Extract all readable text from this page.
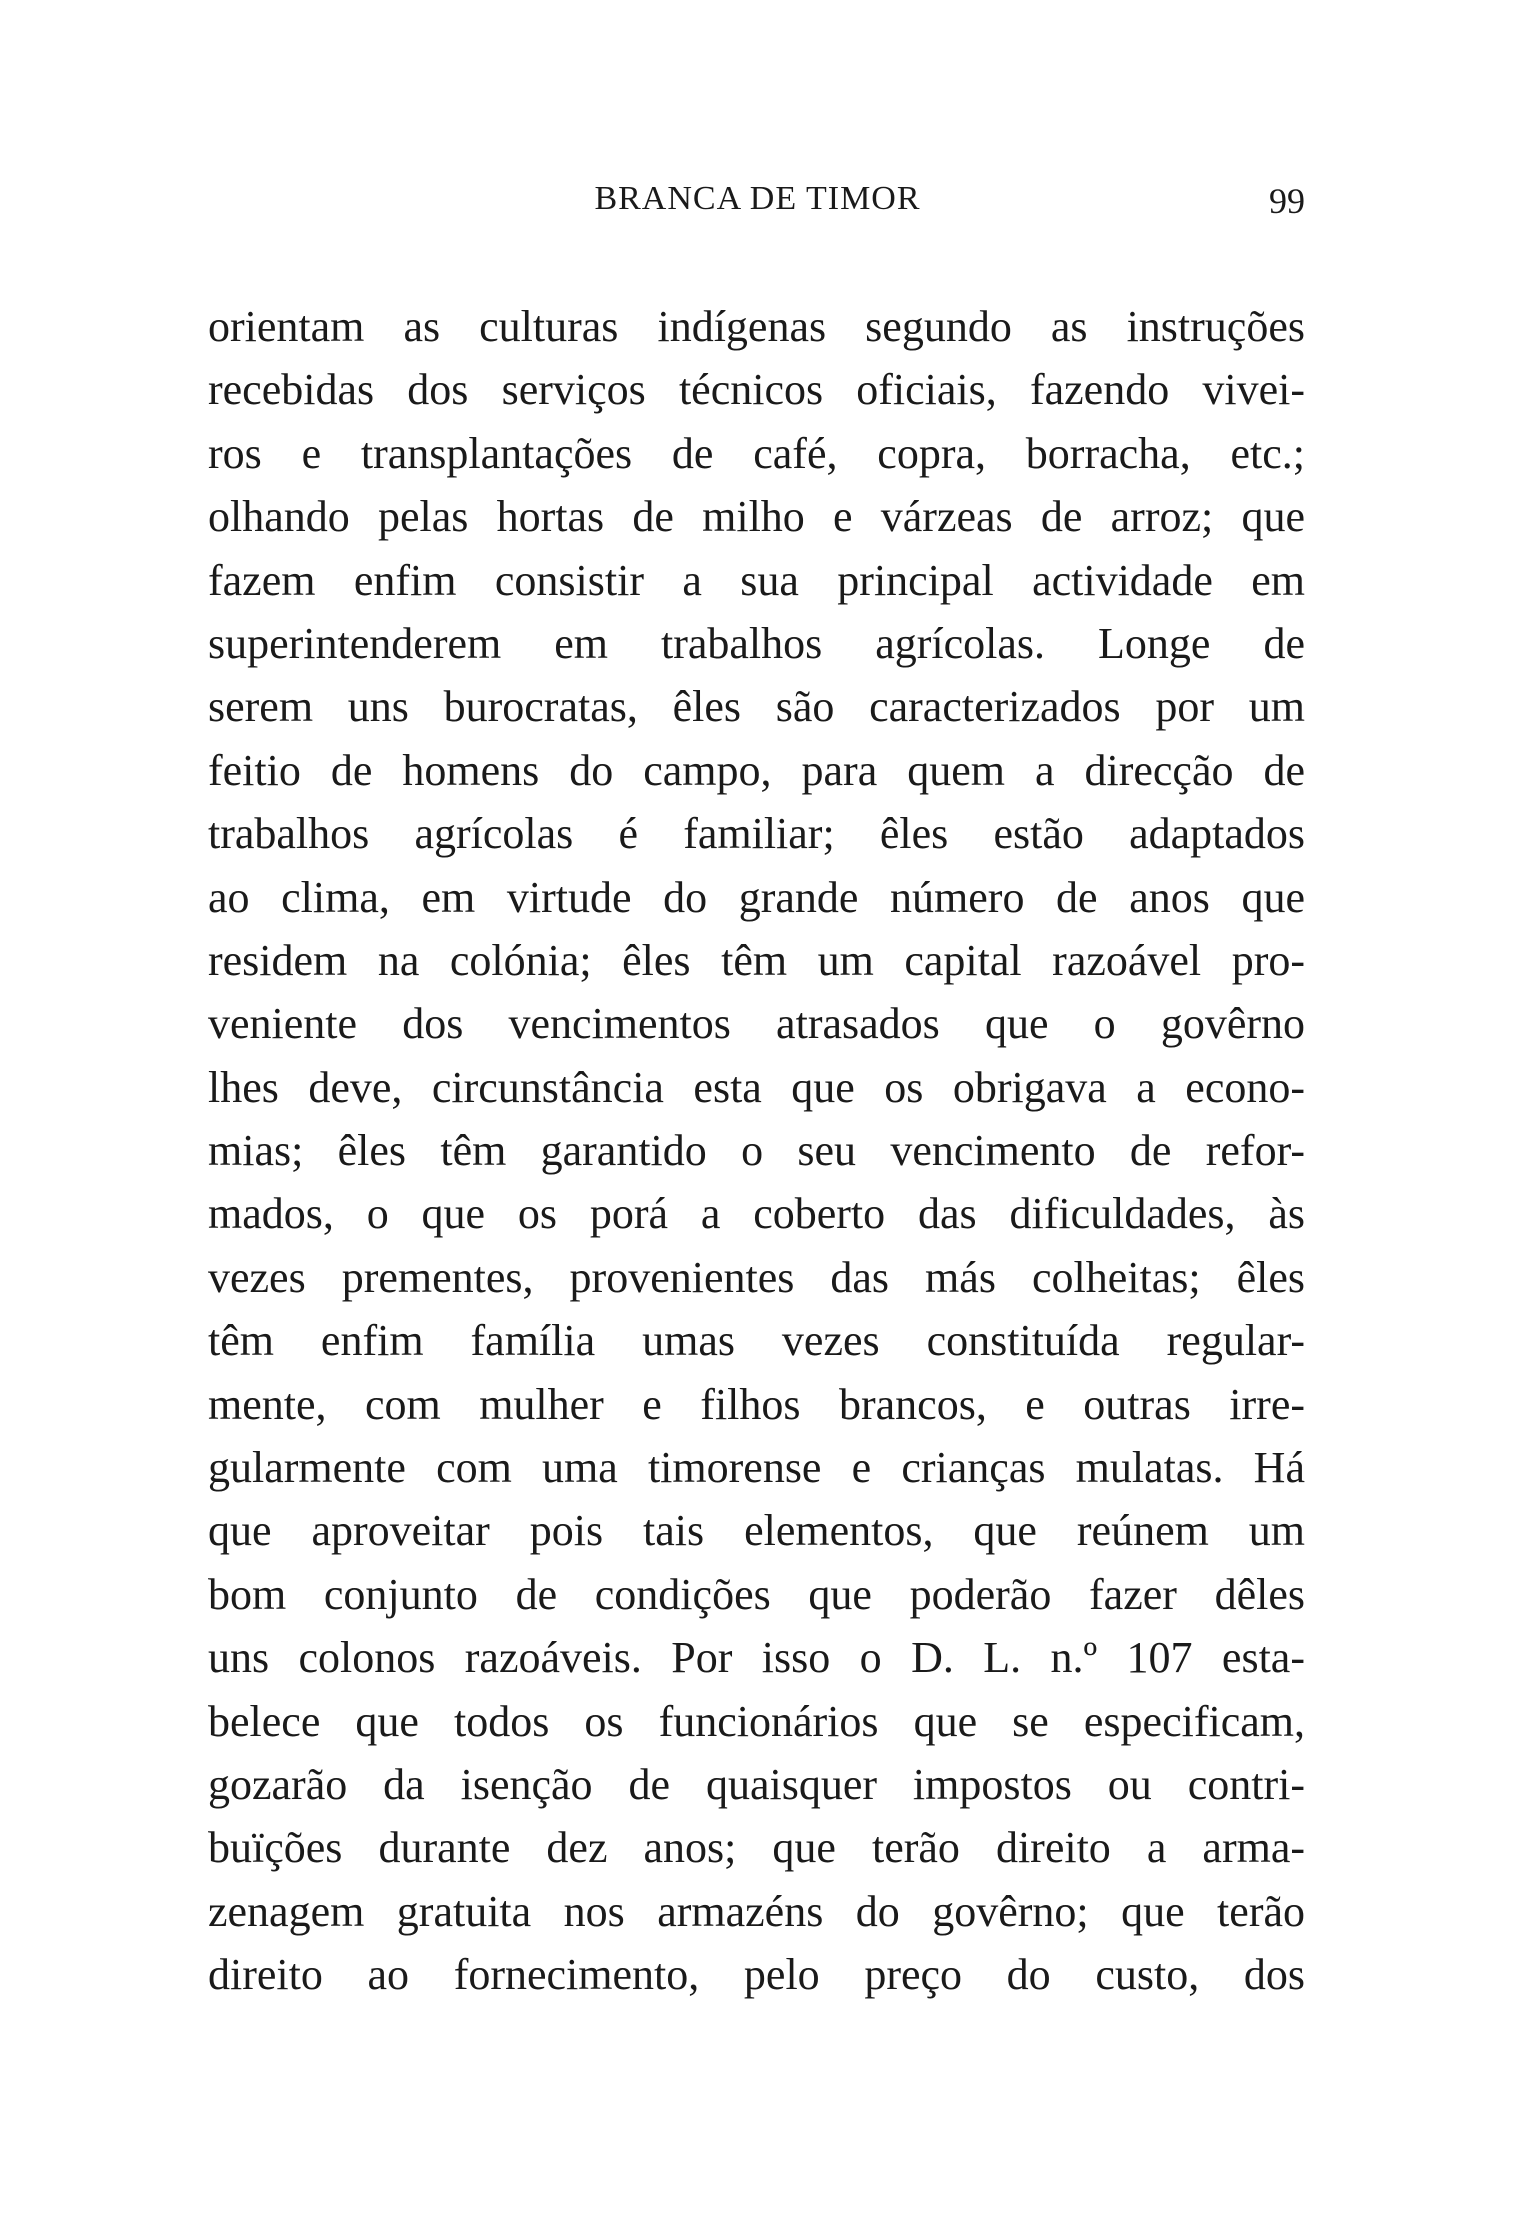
BRANCA DE TIMOR	99
orientam as culturas indígenas segundo as instruções
recebidas dos serviços técnicos oficiais, fazendo vivei-
ros e transplantações de café, copra, borracha, etc.;
olhando pelas hortas de milho e várzeas de arroz; que
fazem enfim consistir a sua principal actividade em
superintenderem em trabalhos agrícolas. Longe de
serem uns burocratas, êles são caracterizados por um
feitio de homens do campo, para quem a direcção de
trabalhos agrícolas é familiar; êles estão adaptados
ao clima, em virtude do grande número de anos que
residem na colónia; êles têm um capital razoável pro-
veniente dos vencimentos atrasados que o govêrno
lhes deve, circunstância esta que os obrigava a econo-
mias; êles têm garantido o seu vencimento de refor-
mados, o que os porá a coberto das dificuldades, às
vezes prementes, provenientes das más colheitas; êles
têm enfim família umas vezes constituída regular-
mente, com mulher e filhos brancos, e outras irre-
gularmente com uma timorense e crianças mulatas. Há
que aproveitar pois tais elementos, que reúnem um
bom conjunto de condições que poderão fazer dêles
uns colonos razoáveis. Por isso o D. L. n.º 107 esta-
belece que todos os funcionários que se especificam,
gozarão da isenção de quaisquer impostos ou contri-
buïções durante dez anos; que terão direito a arma-
zenagem gratuita nos armazéns do govêrno; que terão
direito ao fornecimento, pelo preço do custo, dos
